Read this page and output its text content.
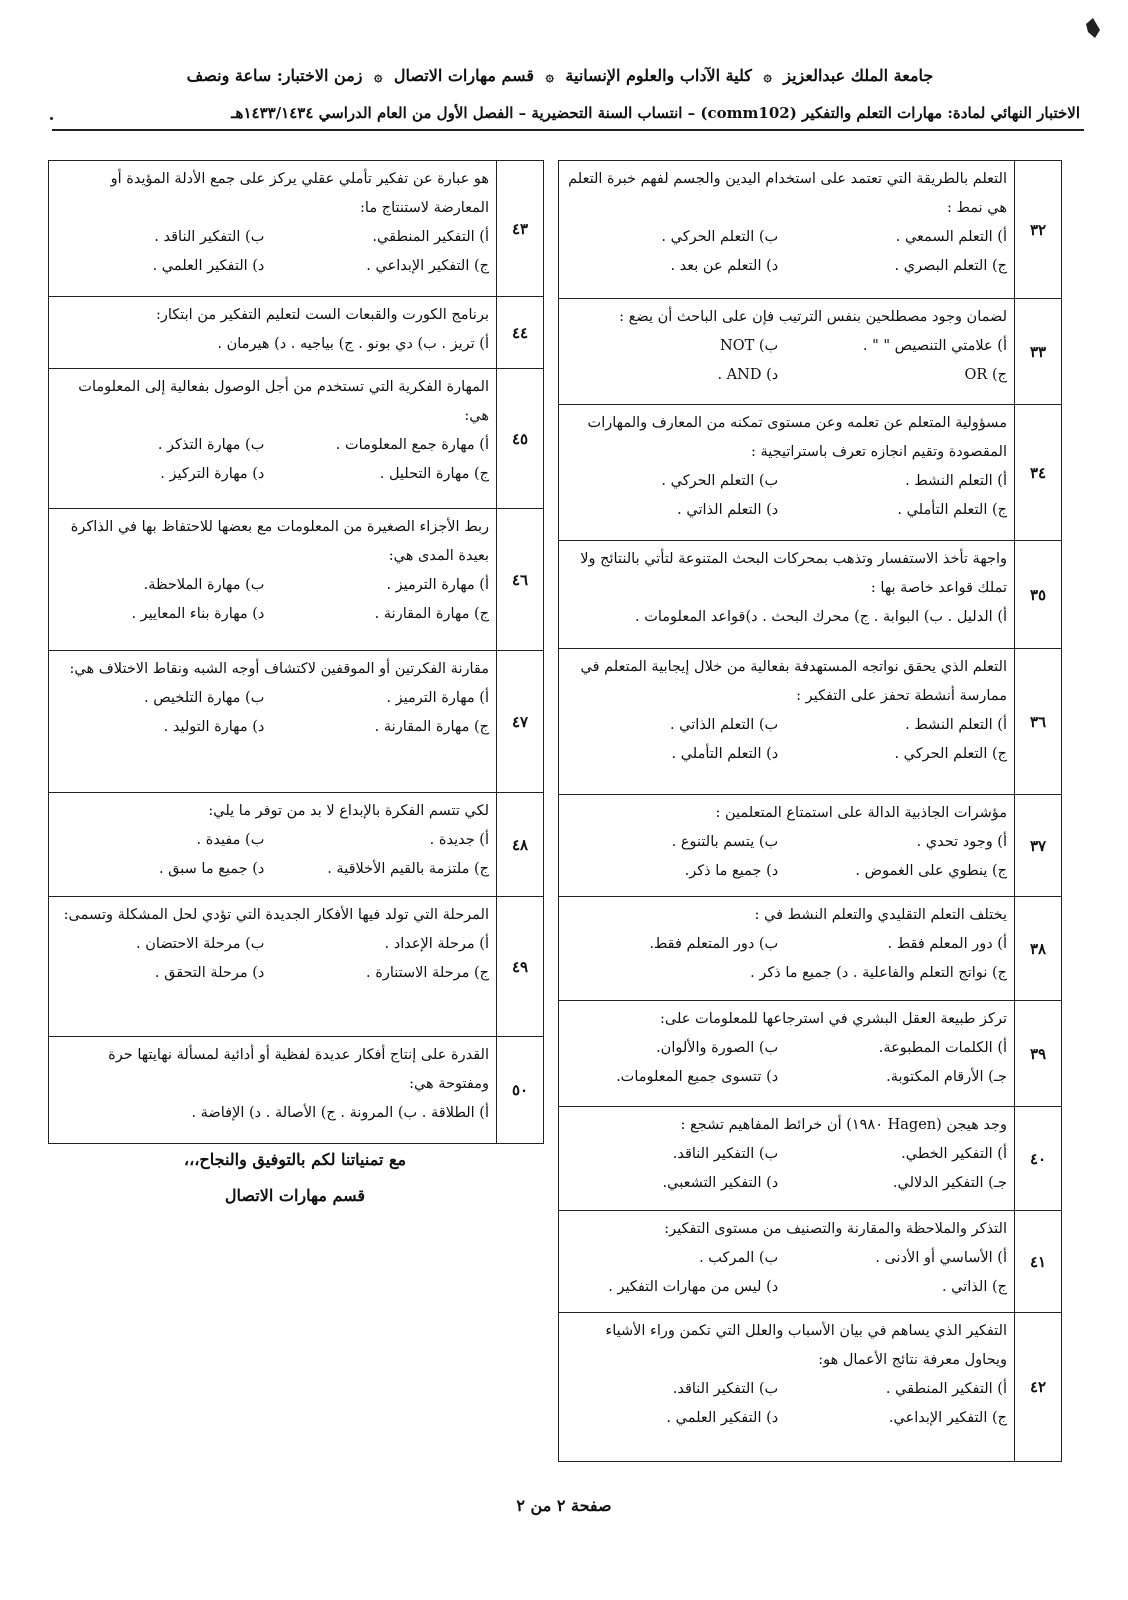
جامعة الملك عبدالعزيز ۞ كلية الآداب والعلوم الإنسانية ۞ قسم مهارات الاتصال ۞ زمن الاختبار: ساعة ونصف
الاختبار النهائي لمادة: مهارات التعلم والتفكير (comm102) – انتساب السنة التحضيرية – الفصل الأول من العام الدراسي ١٤٣٣/١٤٣٤هـ
٣٢
التعلم بالطريقة التي تعتمد على استخدام اليدين والجسم لفهم خبرة التعلم هي نمط :
أ) التعلم السمعي .
ب) التعلم الحركي .
ج) التعلم البصري .
د) التعلم عن بعد .
٣٣
لضمان وجود مصطلحين بنفس الترتيب فإن على الباحث أن يضع :
أ) علامتي التنصيص " " .
ب) NOT
ج) OR
د) AND .
٣٤
مسؤولية المتعلم عن تعلمه وعن مستوى تمكنه من المعارف والمهارات المقصودة وتقيم انجازه تعرف باستراتيجية :
أ) التعلم النشط .
ب) التعلم الحركي .
ج) التعلم التأملي .
د) التعلم الذاتي .
٣٥
واجهة تأخذ الاستفسار وتذهب بمحركات البحث المتنوعة لتأتي بالنتائج ولا تملك قواعد خاصة بها :
أ) الدليل . ب) البوابة . ج) محرك البحث . د)قواعد المعلومات .
٣٦
التعلم الذي يحقق نواتجه المستهدفة بفعالية من خلال إيجابية المتعلم في ممارسة أنشطة تحفز على التفكير :
أ) التعلم النشط .
ب) التعلم الذاتي .
ج) التعلم الحركي .
د) التعلم التأملي .
٣٧
مؤشرات الجاذبية الدالة على استمتاع المتعلمين :
أ) وجود تحدي .
ب) يتسم بالتنوع .
ج) ينطوي على الغموض .
د) جميع ما ذكر.
٣٨
يختلف التعلم التقليدي والتعلم النشط في :
أ) دور المعلم فقط .
ب) دور المتعلم فقط.
ج) نواتج التعلم والفاعلية . د) جميع ما ذكر .
٣٩
تركز طبيعة العقل البشري في استرجاعها للمعلومات على:
أ) الكلمات المطبوعة.
ب) الصورة والألوان.
جـ) الأرقام المكتوبة.
د) تتسوى جميع المعلومات.
٤٠
وجد هيجن (Hagen ١٩٨٠) أن خرائط المفاهيم تشجع :
أ) التفكير الخطي.
ب) التفكير الناقد.
جـ) التفكير الدلالي.
د) التفكير التشعبي.
٤١
التذكر والملاحظة والمقارنة والتصنيف من مستوى التفكير:
أ) الأساسي أو الأدنى .
ب) المركب .
ج) الذاتي .
د) ليس من مهارات التفكير .
٤٢
التفكير الذي يساهم في بيان الأسباب والعلل التي تكمن وراء الأشياء ويحاول معرفة نتائج الأعمال هو:
أ) التفكير المنطقي .
ب) التفكير الناقد.
ج) التفكير الإبداعي.
د) التفكير العلمي .
٤٣
هو عبارة عن تفكير تأملي عقلي يركز على جمع الأدلة المؤيدة أو المعارضة لاستنتاج ما:
أ) التفكير المنطقي.
ب) التفكير الناقد .
ج) التفكير الإبداعي .
د) التفكير العلمي .
٤٤
برنامج الكورت والقبعات الست لتعليم التفكير من ابتكار:
أ) تريز . ب) دي بونو . ج) بياجيه . د) هيرمان .
٤٥
المهارة الفكرية التي تستخدم من أجل الوصول بفعالية إلى المعلومات هي:
أ) مهارة جمع المعلومات .
ب) مهارة التذكر .
ج) مهارة التحليل .
د) مهارة التركيز .
٤٦
ربط الأجزاء الصغيرة من المعلومات مع بعضها للاحتفاظ بها في الذاكرة بعيدة المدى هي:
أ) مهارة الترميز .
ب) مهارة الملاحظة.
ج) مهارة المقارنة .
د) مهارة بناء المعايير .
٤٧
مقارنة الفكرتين أو الموقفين لاكتشاف أوجه الشبه ونقاط الاختلاف هي:
أ) مهارة الترميز .
ب) مهارة التلخيص .
ج) مهارة المقارنة .
د) مهارة التوليد .
٤٨
لكي تتسم الفكرة بالإبداع لا بد من توفر ما يلي:
أ) جديدة .
ب) مفيدة .
ج) ملتزمة بالقيم الأخلاقية .
د) جميع ما سبق .
٤٩
المرحلة التي تولد فيها الأفكار الجديدة التي تؤدي لحل المشكلة وتسمى:
أ) مرحلة الإعداد .
ب) مرحلة الاحتضان .
ج) مرحلة الاستنارة .
د) مرحلة التحقق .
٥٠
القدرة على إنتاج أفكار عديدة لفظية أو أدائية لمسألة نهايتها حرة ومفتوحة هي:
أ) الطلاقة . ب) المرونة . ج) الأصالة . د) الإفاضة .
مع تمنياتنا لكم بالتوفيق والنجاح،،،
قسم مهارات الاتصال
صفحة ٢ من ٢
